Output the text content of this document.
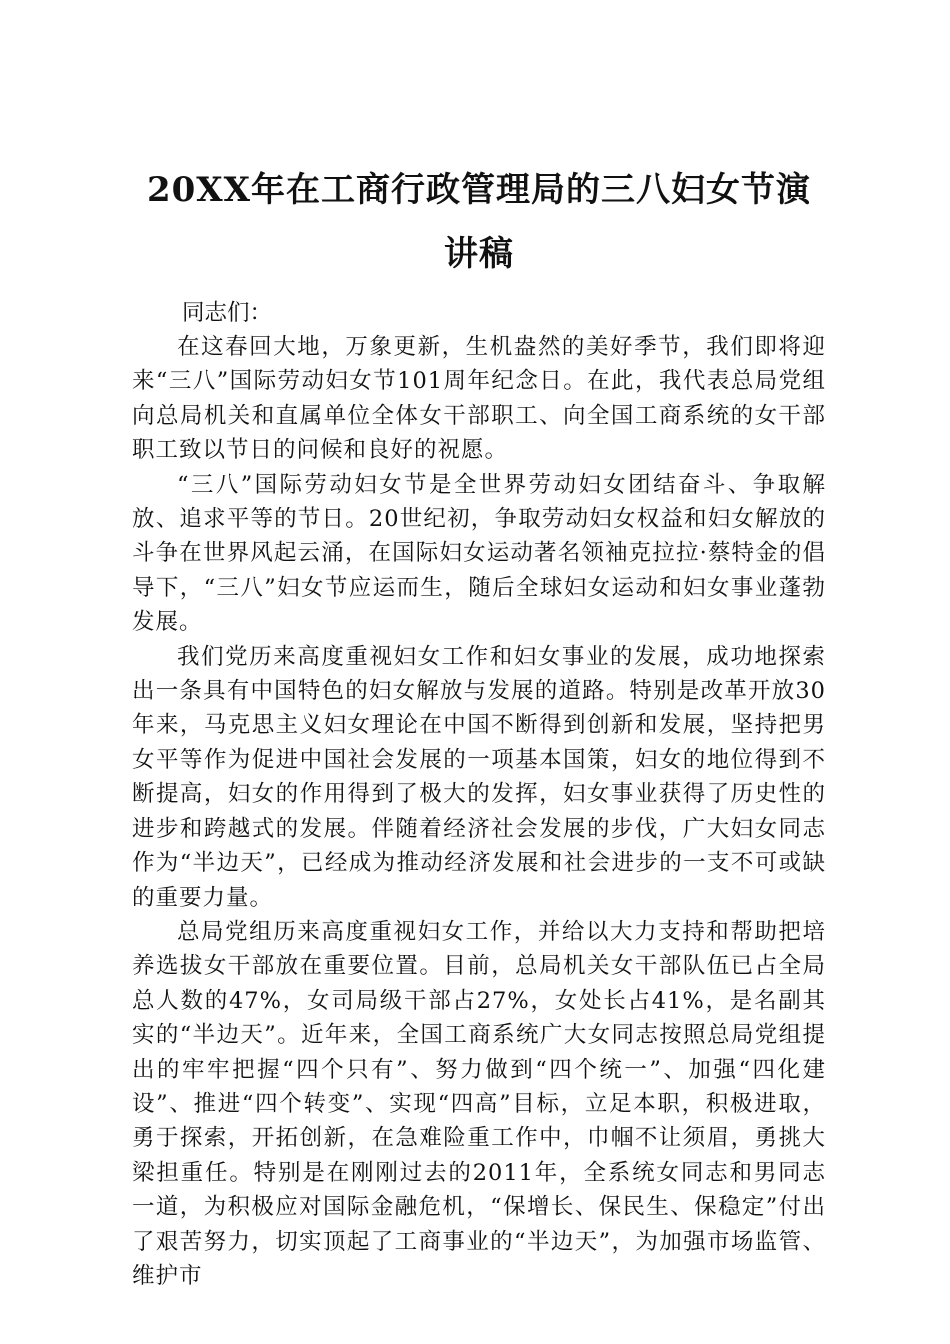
20XX年在工商行政管理局的三八妇女节演讲稿
同志们：

在这春回大地，万象更新，生机盎然的美好季节，我们即将迎来“三八”国际劳动妇女节101周年纪念日。在此，我代表总局党组向总局机关和直属单位全体女干部职工、向全国工商系统的女干部职工致以节日的问候和良好的祝愿。

“三八”国际劳动妇女节是全世界劳动妇女团结奋斗、争取解放、追求平等的节日。20世纪初，争取劳动妇女权益和妇女解放的斗争在世界风起云涌，在国际妇女运动著名领袖克拉拉·蔡特金的倡导下，“三八”妇女节应运而生，随后全球妇女运动和妇女事业蓬勃发展。

我们党历来高度重视妇女工作和妇女事业的发展，成功地探索出一条具有中国特色的妇女解放与发展的道路。特别是改革开放30年来，马克思主义妇女理论在中国不断得到创新和发展，坚持把男女平等作为促进中国社会发展的一项基本国策，妇女的地位得到不断提高，妇女的作用得到了极大的发挥，妇女事业获得了历史性的进步和跨越式的发展。伴随着经济社会发展的步伐，广大妇女同志作为“半边天”，已经成为推动经济发展和社会进步的一支不可或缺的重要力量。

总局党组历来高度重视妇女工作，并给以大力支持和帮助把培养选拔女干部放在重要位置。目前，总局机关女干部队伍已占全局总人数的47%，女司局级干部占27%，女处长占41%，是名副其实的“半边天”。近年来，全国工商系统广大女同志按照总局党组提出的牢牢把握“四个只有”、努力做到“四个统一”、加强“四化建设”、推进“四个转变”、实现“四高”目标，立足本职，积极进取，勇于探索，开拓创新，在急难险重工作中，巾帼不让须眉，勇挑大梁担重任。特别是在刚刚过去的2011年，全系统女同志和男同志一道，为积极应对国际金融危机，“保增长、保民生、保稳定”付出了艰苦努力，切实顶起了工商事业的“半边天”，为加强市场监管、维护市
